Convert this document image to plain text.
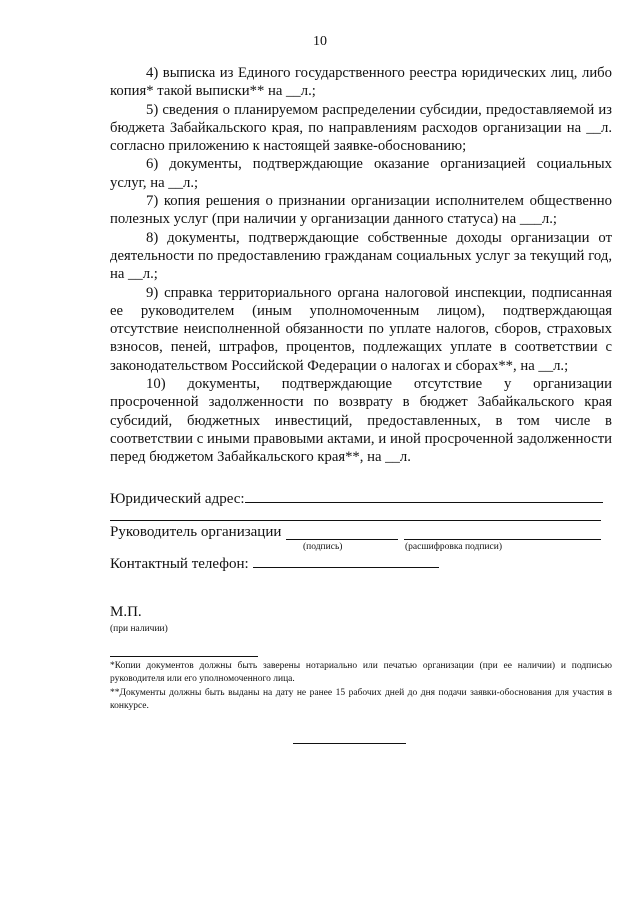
10

4) выписка из Единого государственного реестра юридических лиц, либо копия* такой выписки** на __л.;

5) сведения о планируемом распределении субсидии, предоставляемой из бюджета Забайкальского края, по направлениям расходов организации на __л. согласно приложению к настоящей заявке-обоснованию;

6) документы, подтверждающие оказание организацией социальных услуг, на __л.;

7) копия решения о признании организации исполнителем общественно полезных услуг (при наличии у организации данного статуса) на ___л.;

8) документы, подтверждающие собственные доходы организации от деятельности по предоставлению гражданам социальных услуг за текущий год, на __л.;

9) справка территориального органа налоговой инспекции, подписанная ее руководителем (иным уполномоченным лицом), подтверждающая отсутствие неисполненной обязанности по уплате налогов, сборов, страховых взносов, пеней, штрафов, процентов, подлежащих уплате в соответствии с законодательством Российской Федерации о налогах и сборах**, на __л.;

10) документы, подтверждающие отсутствие у организации просроченной задолженности по возврату в бюджет Забайкальского края субсидий, бюджетных инвестиций, предоставленных, в том числе в соответствии с иными правовыми актами, и иной просроченной задолженности перед бюджетом Забайкальского края**, на __л.

Юридический адрес:
Руководитель организации
(подпись)	(расшифровка подписи)
Контактный телефон:
М.П.
(при наличии)

*Копии документов должны быть заверены нотариально или печатью организации (при ее наличии) и подписью руководителя или его уполномоченного лица.

**Документы должны быть выданы на дату не ранее 15 рабочих дней до дня подачи заявки-обоснования для участия в конкурсе.
